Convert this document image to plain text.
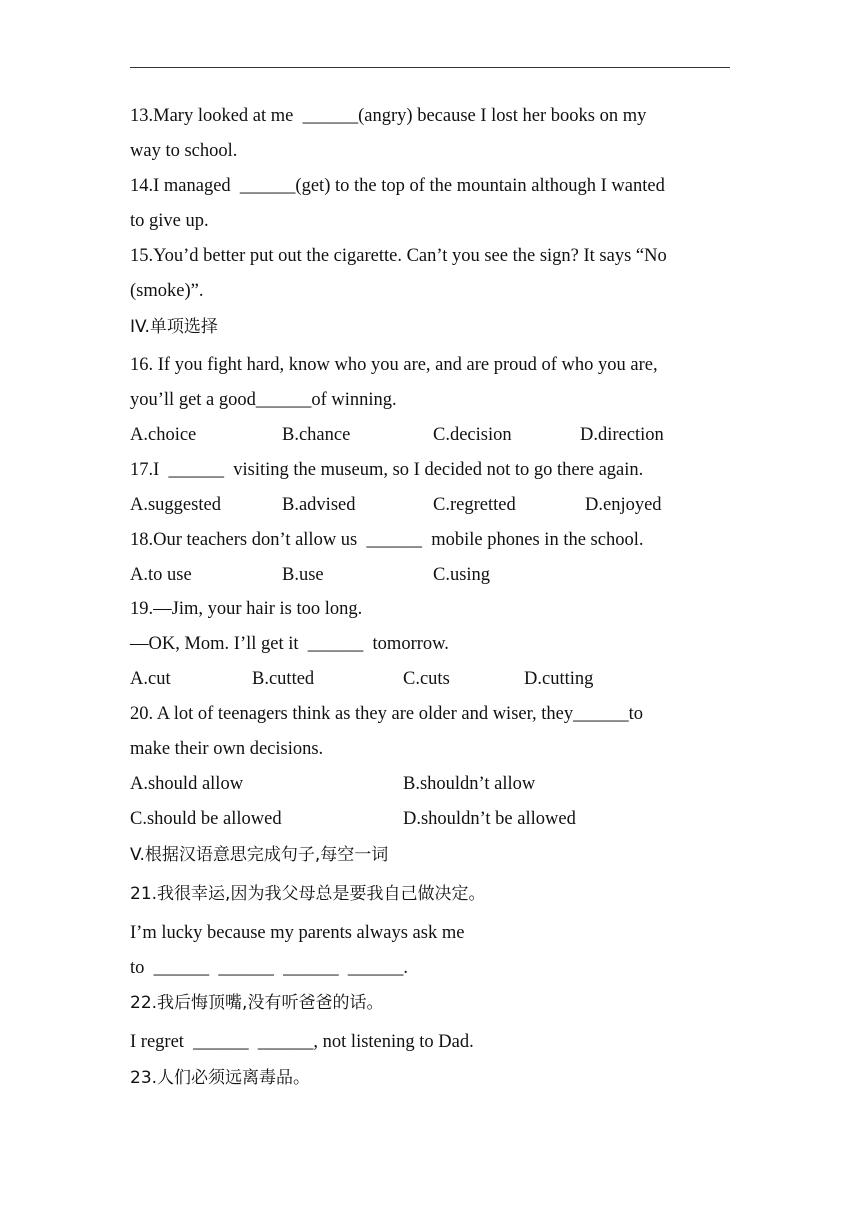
13.Mary looked at me  ______(angry) because I lost her books on my
way to school.
14.I managed  ______(get) to the top of the mountain although I wanted
to give up.
15.You’d better put out the cigarette. Can’t you see the sign? It says “No
(smoke)”.
IV.单项选择
16. If you fight hard, know who you are, and are proud of who you are,
you’ll get a good______of winning.
A.choice	B.chance	C.decision	D.direction
17.I  ______  visiting the museum, so I decided not to go there again.
A.suggested	B.advised	C.regretted	D.enjoyed
18.Our teachers don’t allow us  ______  mobile phones in the school.
A.to use	B.use	C.using
19.—Jim, your hair is too long.
—OK, Mom. I’ll get it  ______  tomorrow.
A.cut	B.cutted	C.cuts	D.cutting
20. A lot of teenagers think as they are older and wiser, they______to
make their own decisions.
A.should allow	B.shouldn’t allow
C.should be allowed	D.shouldn’t be allowed
V.根据汉语意思完成句子,每空一词
21.我很幸运,因为我父母总是要我自己做决定。
I’m lucky because my parents always ask me
to  ______  ______  ______  ______.
22.我后悔顶嘴,没有听爸爸的话。
I regret  ______  ______, not listening to Dad.
23.人们必须远离毒品。
